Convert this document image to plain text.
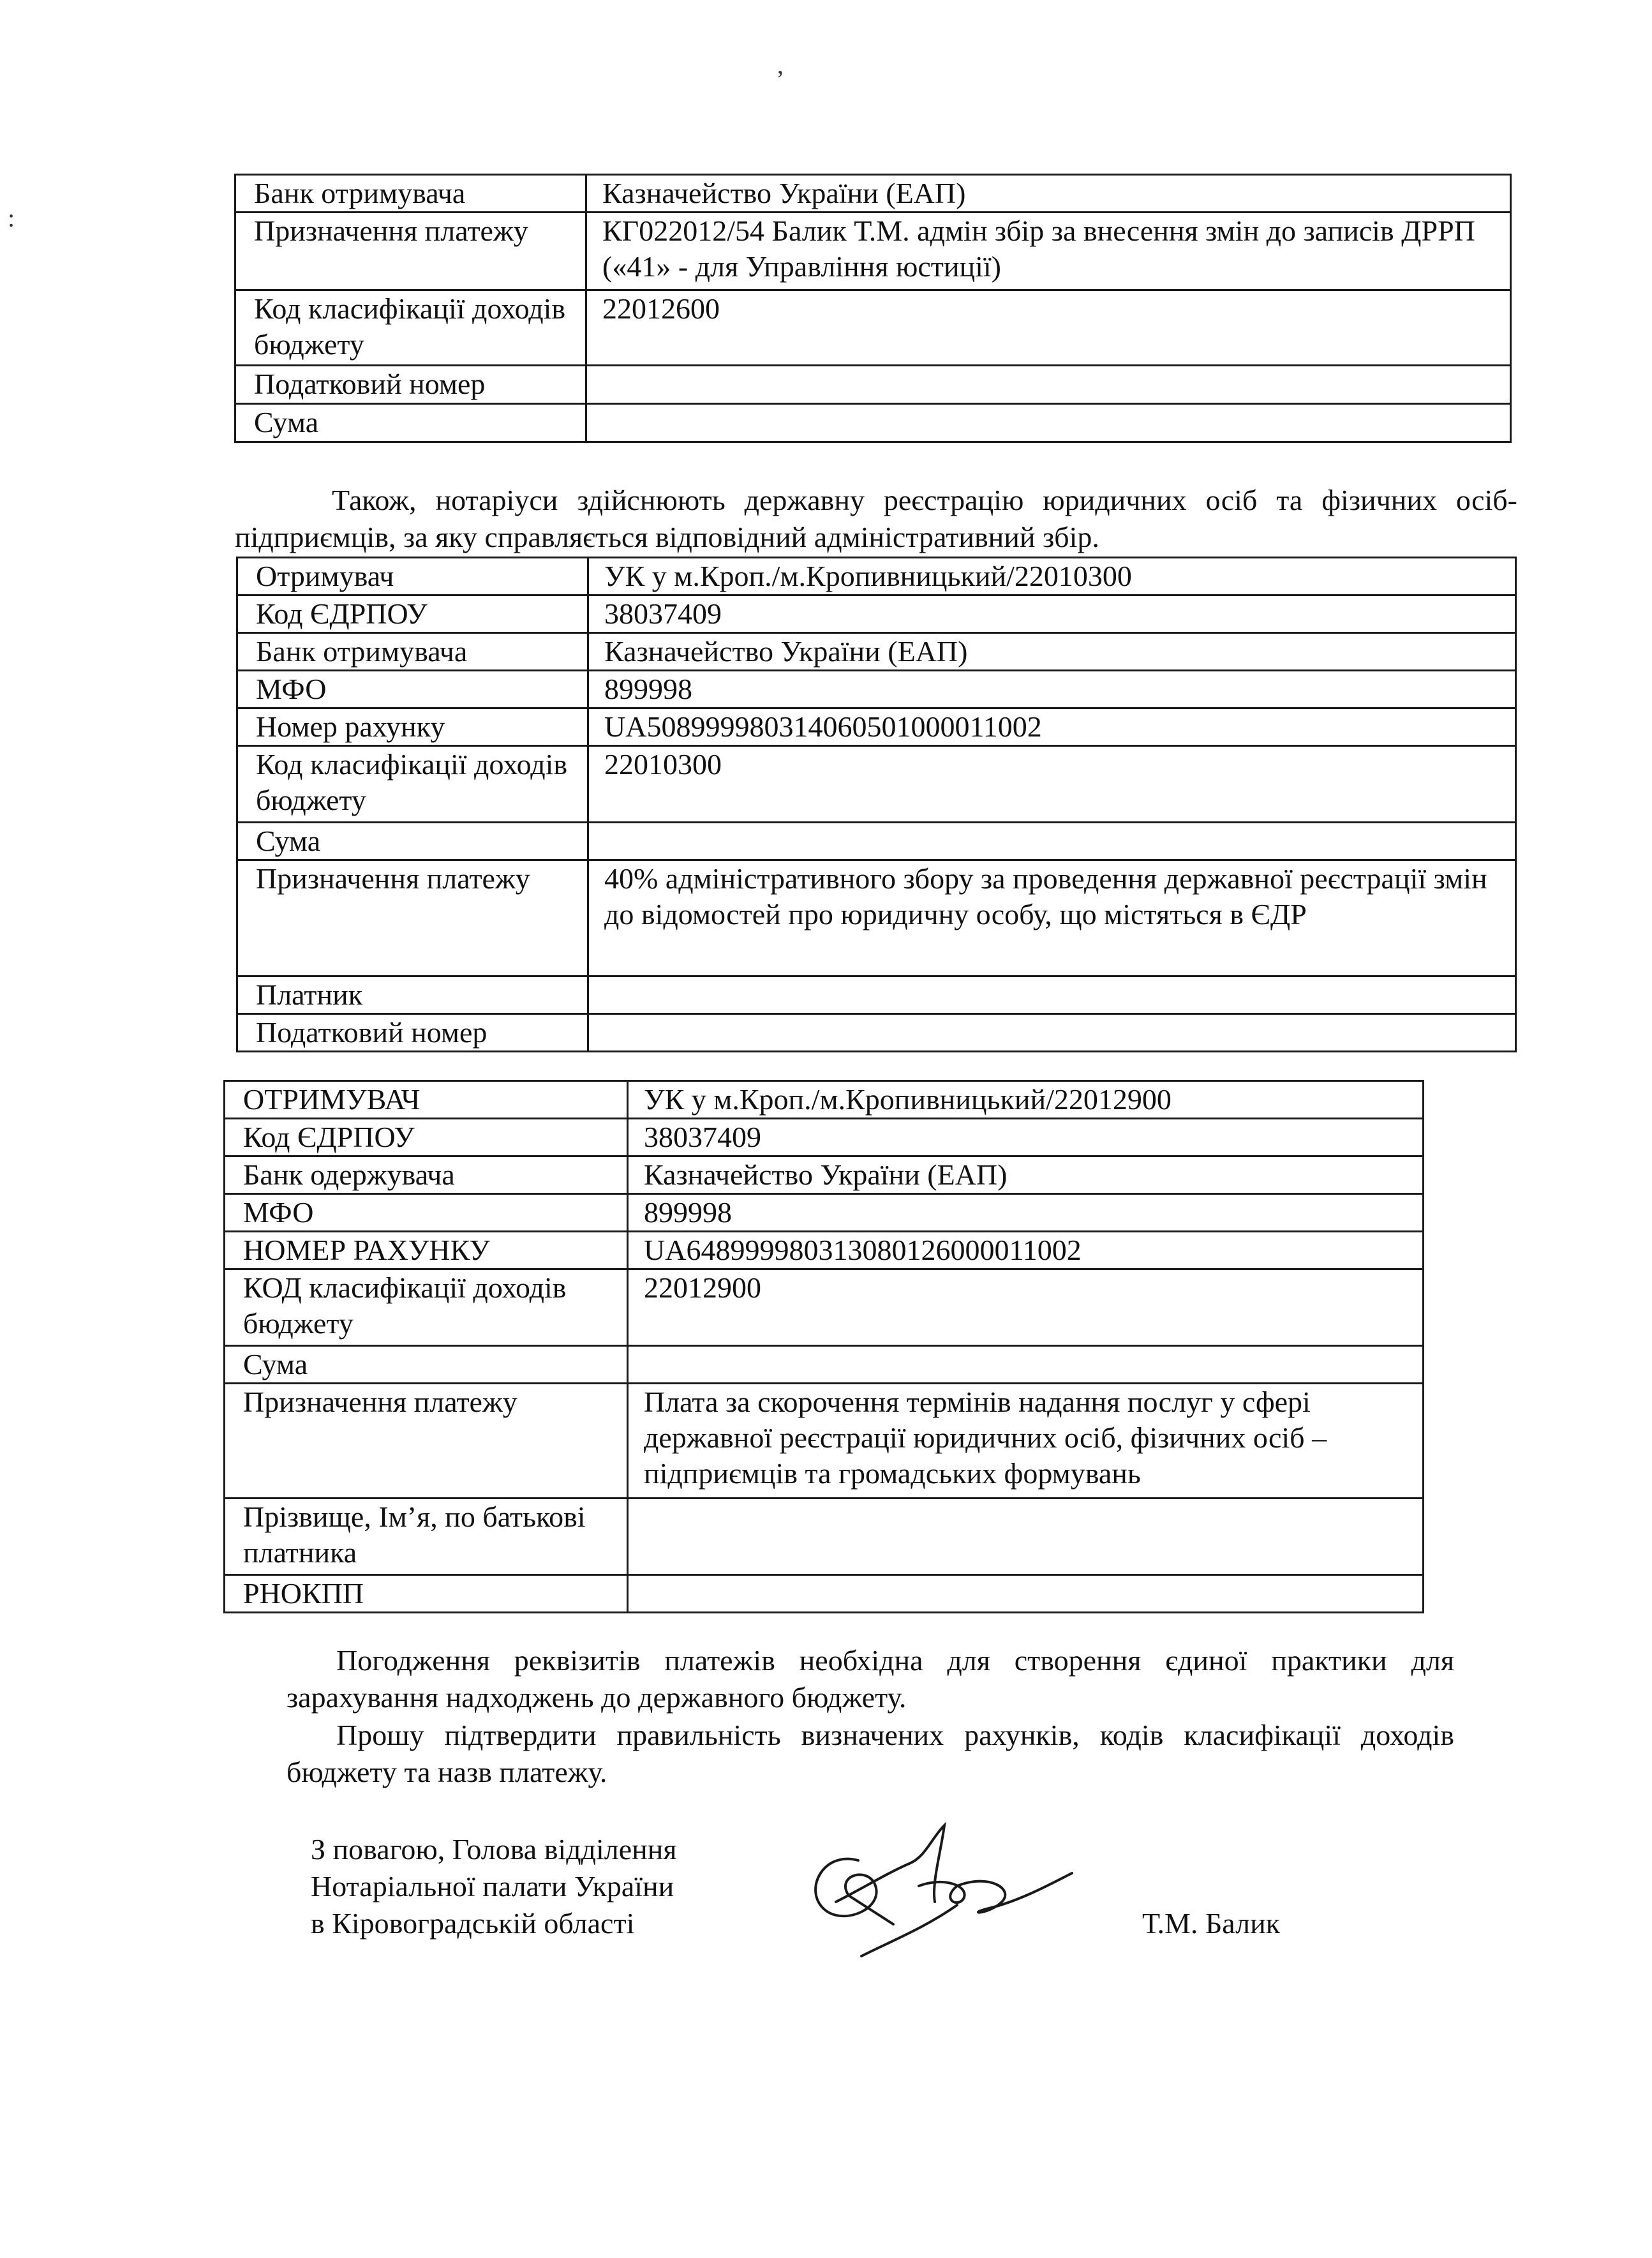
,
:
Банк отримувача	Казначейство України (ЕАП)
Призначення платежу	КГ022012/54 Балик Т.М. адмін збір за внесення змін до записів ДРРП («41» - для Управління юстиції)
Код класифікації доходів бюджету	22012600
Податковий номер	
Сума	

Також, нотаріуси здійснюють державну реєстрацію юридичних осіб та фізичних осіб-підприємців, за яку справляється відповідний адміністративний збір.

Отримувач	УК у м.Кроп./м.Кропивницький/22010300
Код ЄДРПОУ	38037409
Банк отримувача	Казначейство України (ЕАП)
МФО	899998
Номер рахунку	UA508999980314060501000011002
Код класифікації доходів бюджету	22010300
Сума	
Призначення платежу	40% адміністративного збору за проведення державної реєстрації змін до відомостей про юридичну особу, що містяться в ЄДР
Платник	
Податковий номер	
ОТРИМУВАЧ	УК у м.Кроп./м.Кропивницький/22012900
Код ЄДРПОУ	38037409
Банк одержувача	Казначейство України (ЕАП)
МФО	899998
НОМЕР РАХУНКУ	UA648999980313080126000011002
КОД класифікації доходів бюджету	22012900
Сума	
Призначення платежу	Плата за скорочення термінів надання послуг у сфері державної реєстрації юридичних осіб, фізичних осіб – підприємців та громадських формувань
Прізвище, Ім’я, по батькові платника	
РНОКПП	

Погодження реквізитів платежів необхідна для створення єдиної практики для зарахування надходжень до державного бюджету.

Прошу підтвердити правильність визначених рахунків, кодів класифікації доходів бюджету та назв платежу.

З повагою, Голова відділення
Нотаріальної палати України
в Кіровоградській області	Т.М. Балик
